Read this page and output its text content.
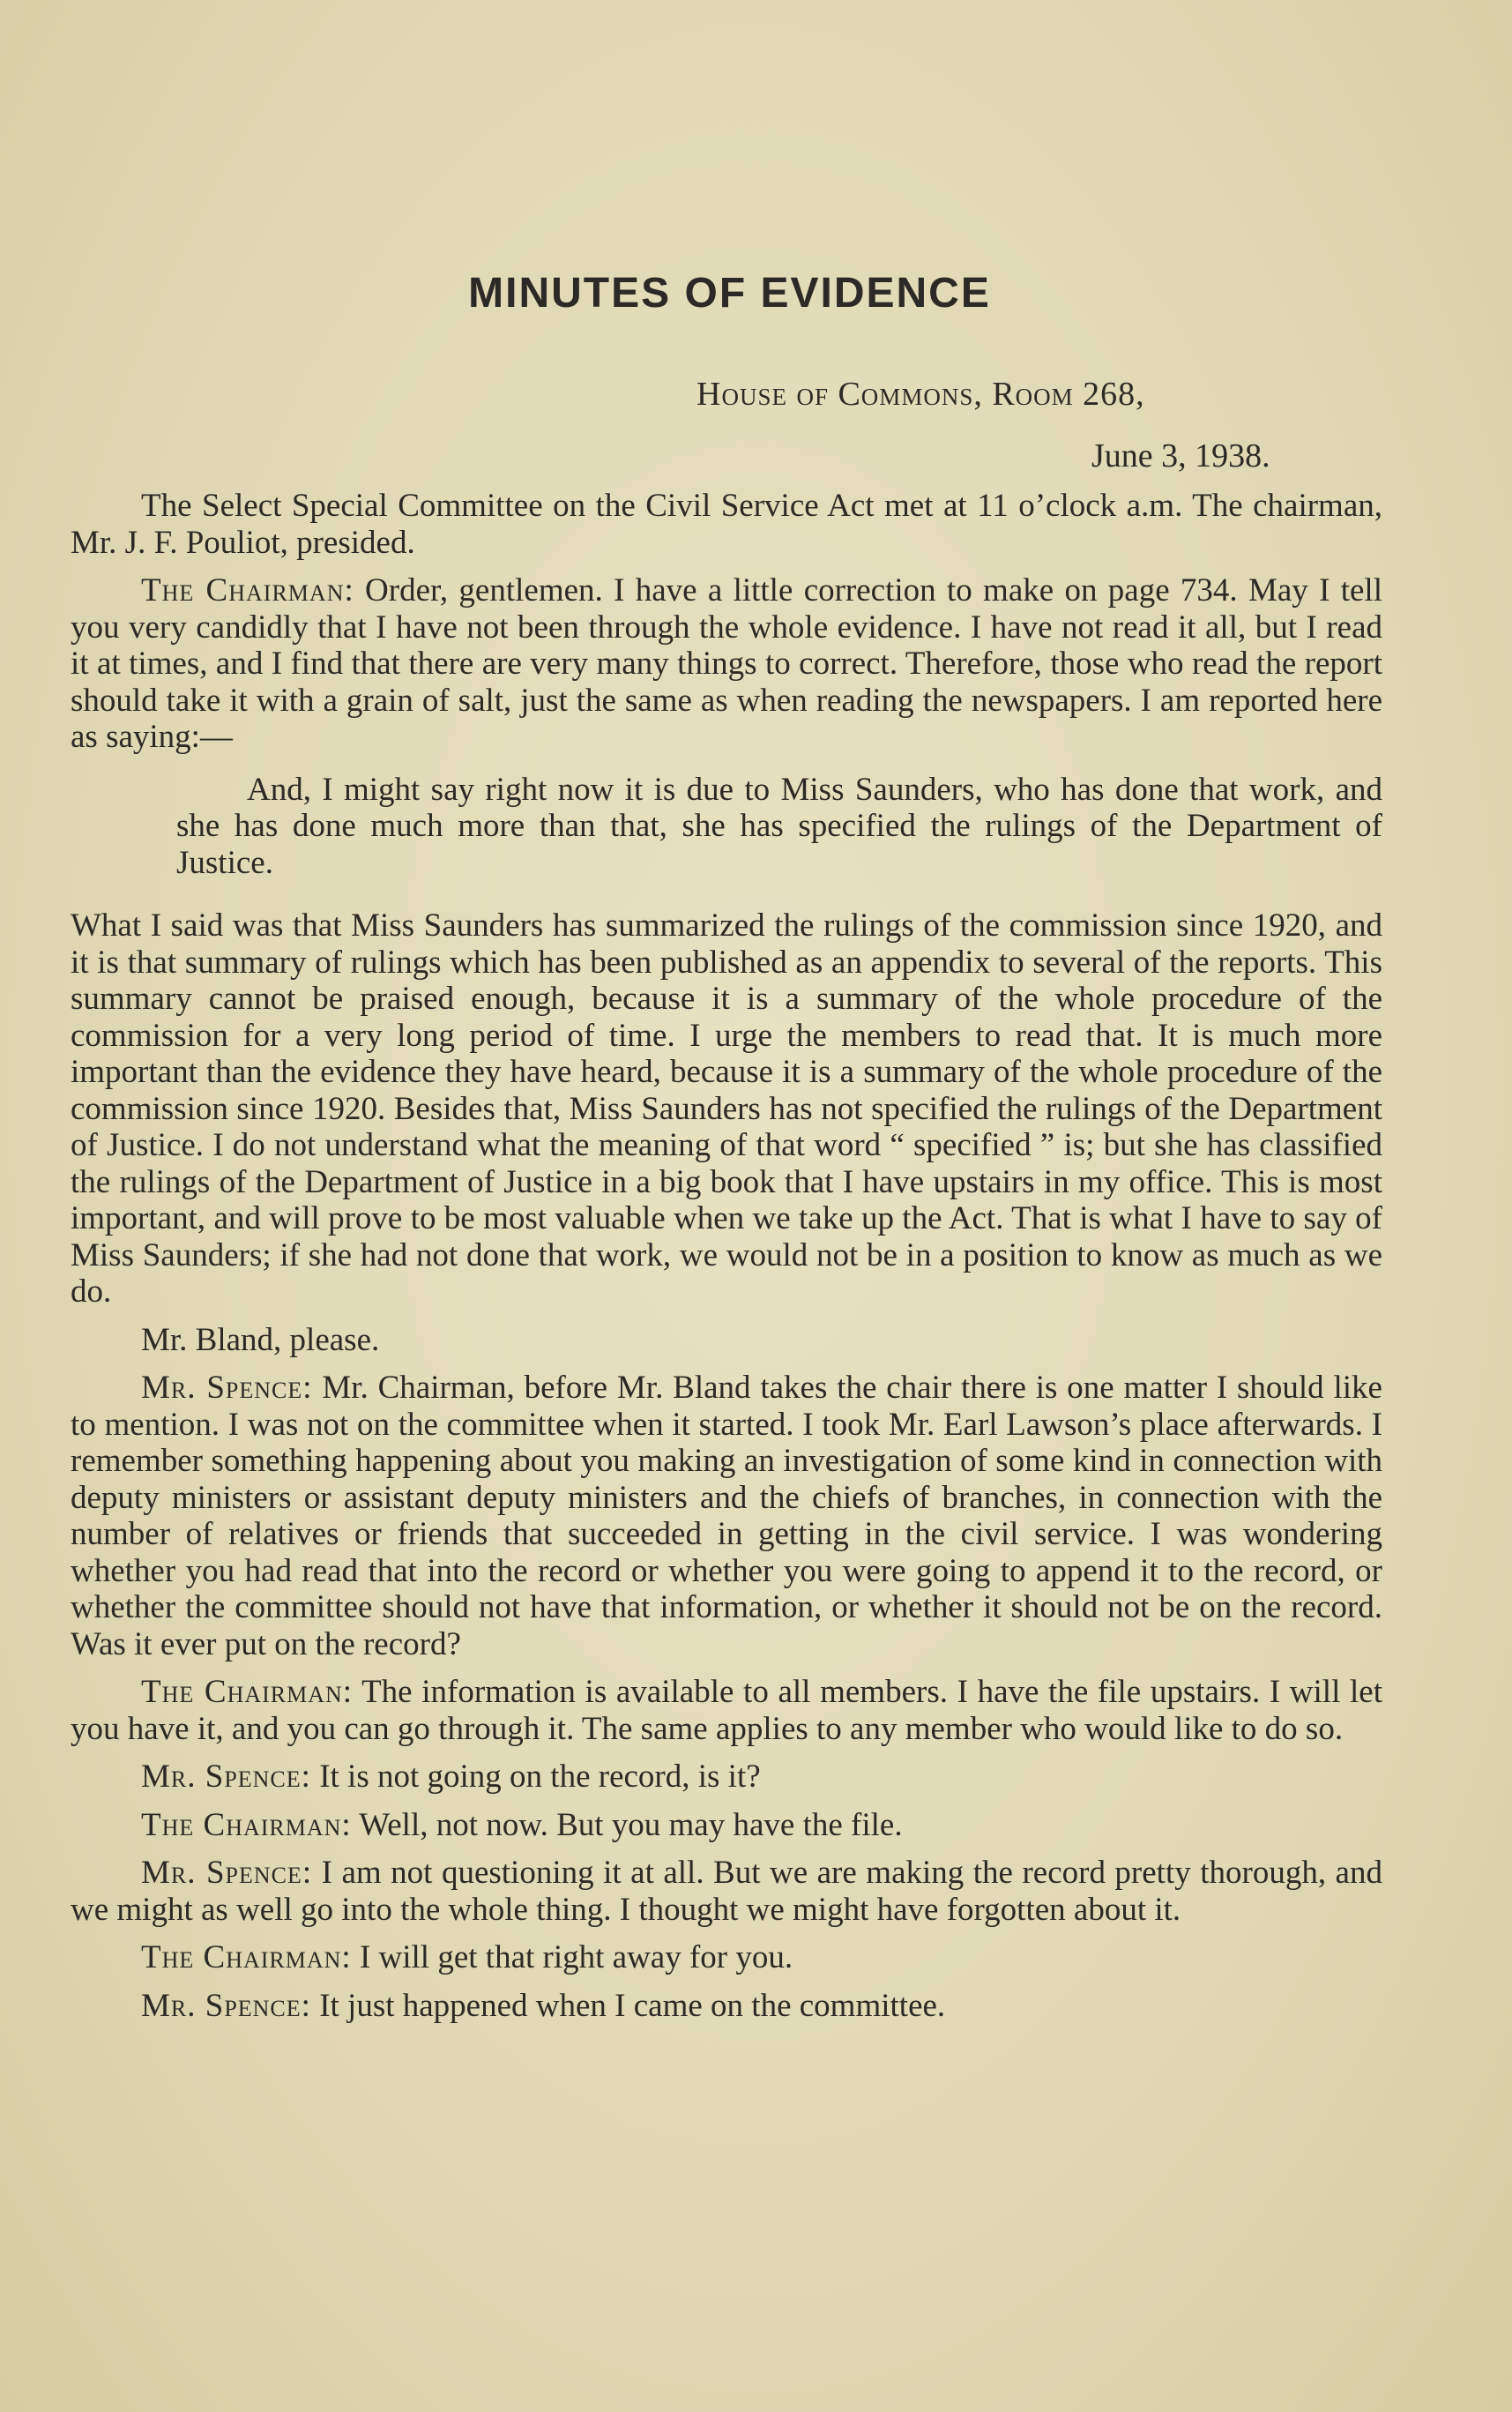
MINUTES OF EVIDENCE
House of Commons, Room 268,
June 3, 1938.

The Select Special Committee on the Civil Service Act met at 11 o’clock a.m. The chairman, Mr. J. F. Pouliot, presided.

The Chairman: Order, gentlemen. I have a little correction to make on page 734. May I tell you very candidly that I have not been through the whole evidence. I have not read it all, but I read it at times, and I find that there are very many things to correct. Therefore, those who read the report should take it with a grain of salt, just the same as when reading the newspapers. I am reported here as saying:—

And, I might say right now it is due to Miss Saunders, who has done that work, and she has done much more than that, she has specified the rulings of the Department of Justice.

What I said was that Miss Saunders has summarized the rulings of the commission since 1920, and it is that summary of rulings which has been published as an appendix to several of the reports. This summary cannot be praised enough, because it is a summary of the whole procedure of the commission for a very long period of time. I urge the members to read that. It is much more important than the evidence they have heard, because it is a summary of the whole procedure of the commission since 1920. Besides that, Miss Saunders has not specified the rulings of the Department of Justice. I do not understand what the meaning of that word “ specified ” is; but she has classified the rulings of the Department of Justice in a big book that I have upstairs in my office. This is most important, and will prove to be most valuable when we take up the Act. That is what I have to say of Miss Saunders; if she had not done that work, we would not be in a position to know as much as we do.

Mr. Bland, please.

Mr. Spence: Mr. Chairman, before Mr. Bland takes the chair there is one matter I should like to mention. I was not on the committee when it started. I took Mr. Earl Lawson’s place afterwards. I remember something happening about you making an investigation of some kind in connection with deputy ministers or assistant deputy ministers and the chiefs of branches, in connection with the number of relatives or friends that succeeded in getting in the civil service. I was wondering whether you had read that into the record or whether you were going to append it to the record, or whether the committee should not have that information, or whether it should not be on the record. Was it ever put on the record?

The Chairman: The information is available to all members. I have the file upstairs. I will let you have it, and you can go through it. The same applies to any member who would like to do so.

Mr. Spence: It is not going on the record, is it?

The Chairman: Well, not now. But you may have the file.

Mr. Spence: I am not questioning it at all. But we are making the record pretty thorough, and we might as well go into the whole thing. I thought we might have forgotten about it.

The Chairman: I will get that right away for you.

Mr. Spence: It just happened when I came on the committee.
